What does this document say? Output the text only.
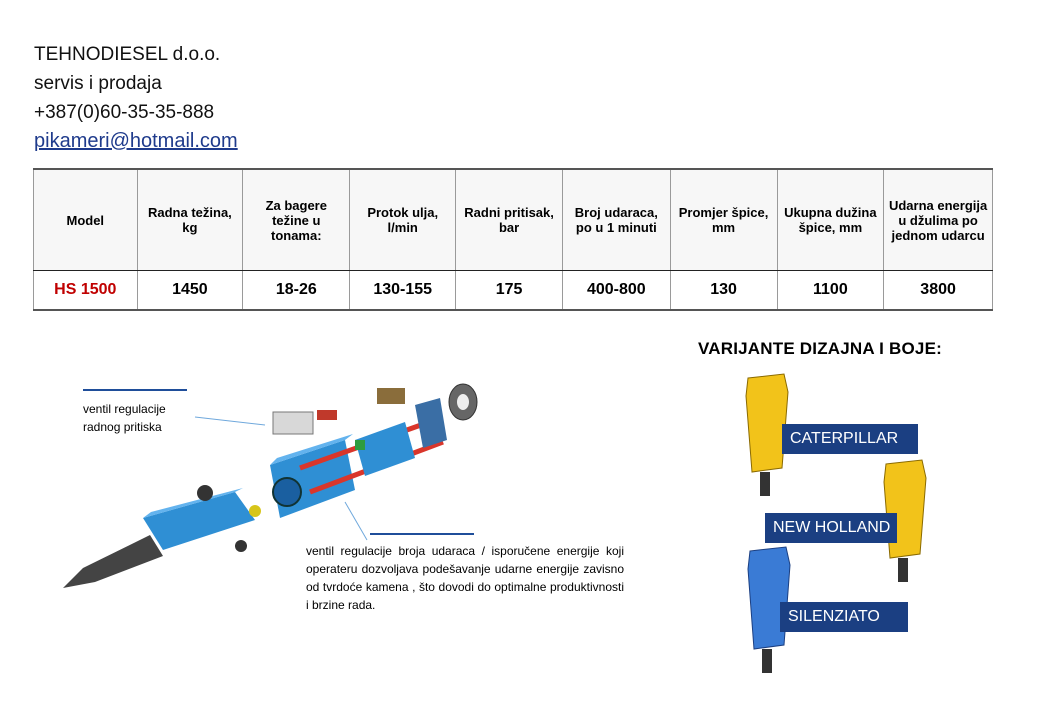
TEHNODIESEL d.o.o.
servis i prodaja
+387(0)60-35-35-888
pikameri@hotmail.com
Model	Radna težina, kg	Za bagere težine u tonama:	Protok ulja, l/min	Radni pritisak, bar	Broj udaraca, po u 1 minuti	Promjer špice, mm	Ukupna dužina špice, mm	Udarna energija u džulima po jednom udarcu
HS 1500	1450	18-26	130-155	175	400-800	130	1100	3800
ventil regulacije radnog pritiska
ventil regulacije broja udaraca / isporučene energije koji operateru dozvoljava podešavanje udarne energije zavisno od tvrdoće kamena , što dovodi do optimalne produktivnosti i brzine rada.
VARIJANTE DIZAJNA I BOJE:
CATERPILLAR
NEW HOLLAND
SILENZIATO
